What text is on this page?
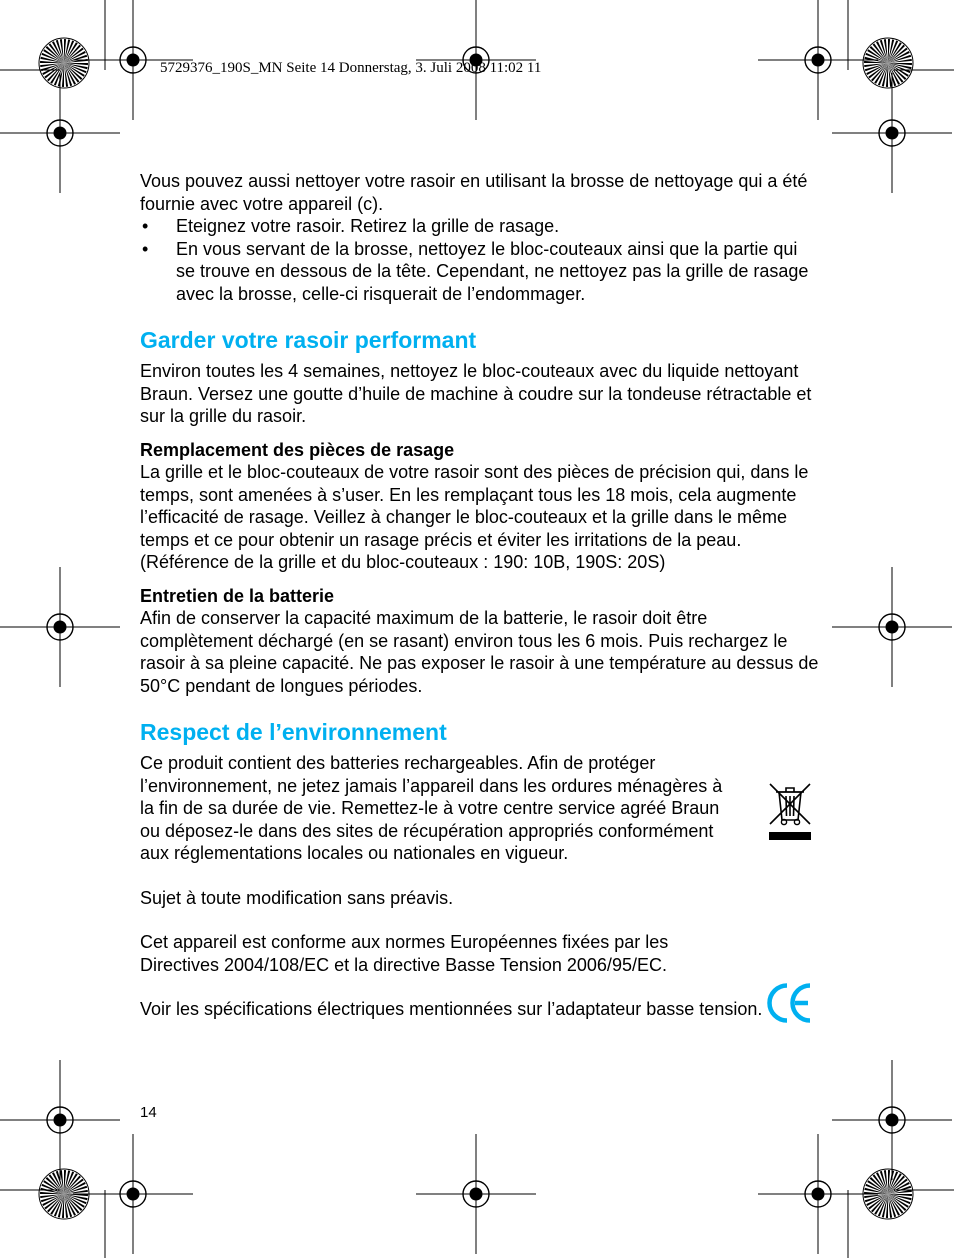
5729376_190S_MN Seite 14 Donnerstag, 3. Juli 2008 11:02 11

Vous pouvez aussi nettoyer votre rasoir en utilisant la brosse de nettoyage qui a été fournie avec votre appareil (c).

• Eteignez votre rasoir. Retirez la grille de rasage.
• En vous servant de la brosse, nettoyez le bloc-couteaux ainsi que la partie qui se trouve en dessous de la tête. Cependant, ne nettoyez pas la grille de rasage avec la brosse, celle-ci risquerait de l’endommager.
Garder votre rasoir performant

Environ toutes les 4 semaines, nettoyez le bloc-couteaux avec du liquide nettoyant Braun. Versez une goutte d’huile de machine à coudre sur la tondeuse rétractable et sur la grille du rasoir.

Remplacement des pièces de rasage

La grille et le bloc-couteaux de votre rasoir sont des pièces de précision qui, dans le temps, sont amenées à s’user. En les remplaçant tous les 18 mois, cela augmente l’efficacité de rasage. Veillez à changer le bloc-couteaux et la grille dans le même temps et ce pour obtenir un rasage précis et éviter les irritations de la peau.

(Référence de la grille et du bloc-couteaux : 190: 10B, 190S: 20S)

Entretien de la batterie

Afin de conserver la capacité maximum de la batterie, le rasoir doit être complètement déchargé (en se rasant) environ tous les 6 mois. Puis rechargez le rasoir à sa pleine capacité. Ne pas exposer le rasoir à une température au dessus de 50°C pendant de longues périodes.

Respect de l’environnement

Ce produit contient des batteries rechargeables. Afin de protéger l’environnement, ne jetez jamais l’appareil dans les ordures ménagères à la fin de sa durée de vie. Remettez-le à votre centre service agréé Braun ou déposez-le dans des sites de récupération appropriés conformément aux réglementations locales ou nationales en vigueur.

Sujet à toute modification sans préavis.

Cet appareil est conforme aux normes Européennes fixées par les Directives 2004/108/EC et la directive Basse Tension 2006/95/EC.

Voir les spécifications électriques mentionnées sur l’adaptateur basse tension.

14
